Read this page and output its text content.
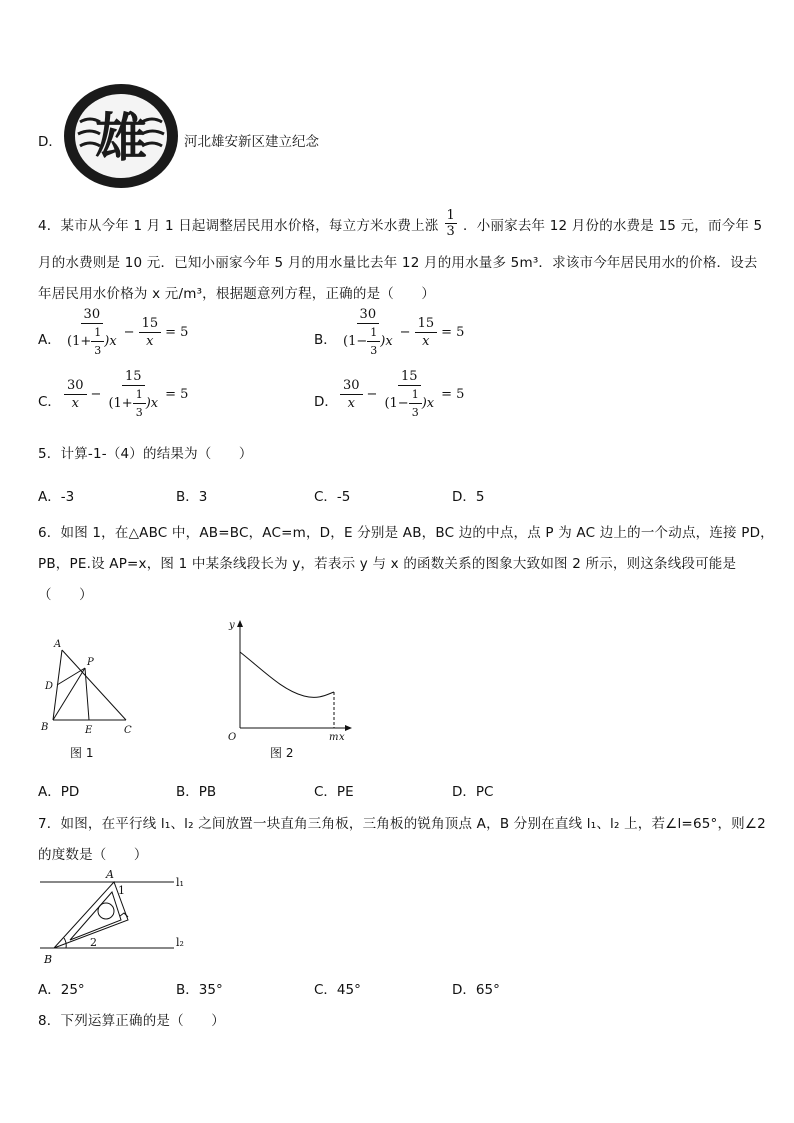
D． 雄	河北雄安新区建立纪念
4．某市从今年 1 月 1 日起调整居民用水价格，每立方米水费上涨 $\frac{1}{3}$ ．小丽家去年 12 月份的水费是 15 元，而今年 5
月的水费则是 10 元．已知小丽家今年 5 月的用水量比去年 12 月的用水量多 5m³．求该市今年居民用水的价格．设去
年居民用水价格为 x 元/m³，根据题意列方程，正确的是（　　）
A． $\frac{30}{(1+ \frac{1}{3} )x} - \frac{15}{x} = 5$	B． $\frac{30}{(1- \frac{1}{3} )x} - \frac{15}{x} = 5$
C． $\frac{30}{x} - \frac{15}{(1+ \frac{1}{3} )x} = 5$	D． $\frac{30}{x} - \frac{15}{(1- \frac{1}{3} )x} = 5$
5．计算-1-（4）的结果为（　　）
A．-3	B．3	C．-5	D．5
6．如图 1，在△ABC 中，AB=BC，AC=m，D，E 分别是 AB，BC 边的中点，点 P 为 AC 边上的一个动点，连接 PD，
PB，PE.设 AP=x，图 1 中某条线段长为 y，若表示 y 与 x 的函数关系的图象大致如图 2 所示，则这条线段可能是
（　　）
A
P
D
B	E	C
图 1
y
O	m x
图 2
A．PD	B．PB	C．PE	D．PC
7．如图，在平行线 l₁、l₂ 之间放置一块直角三角板，三角板的锐角顶点 A，B 分别在直线 l₁、l₂ 上，若∠l=65°，则∠2
的度数是（　　）
A
B
1
2
l₁
l₂
A．25°	B．35°	C．45°	D．65°
8．下列运算正确的是（　　）
